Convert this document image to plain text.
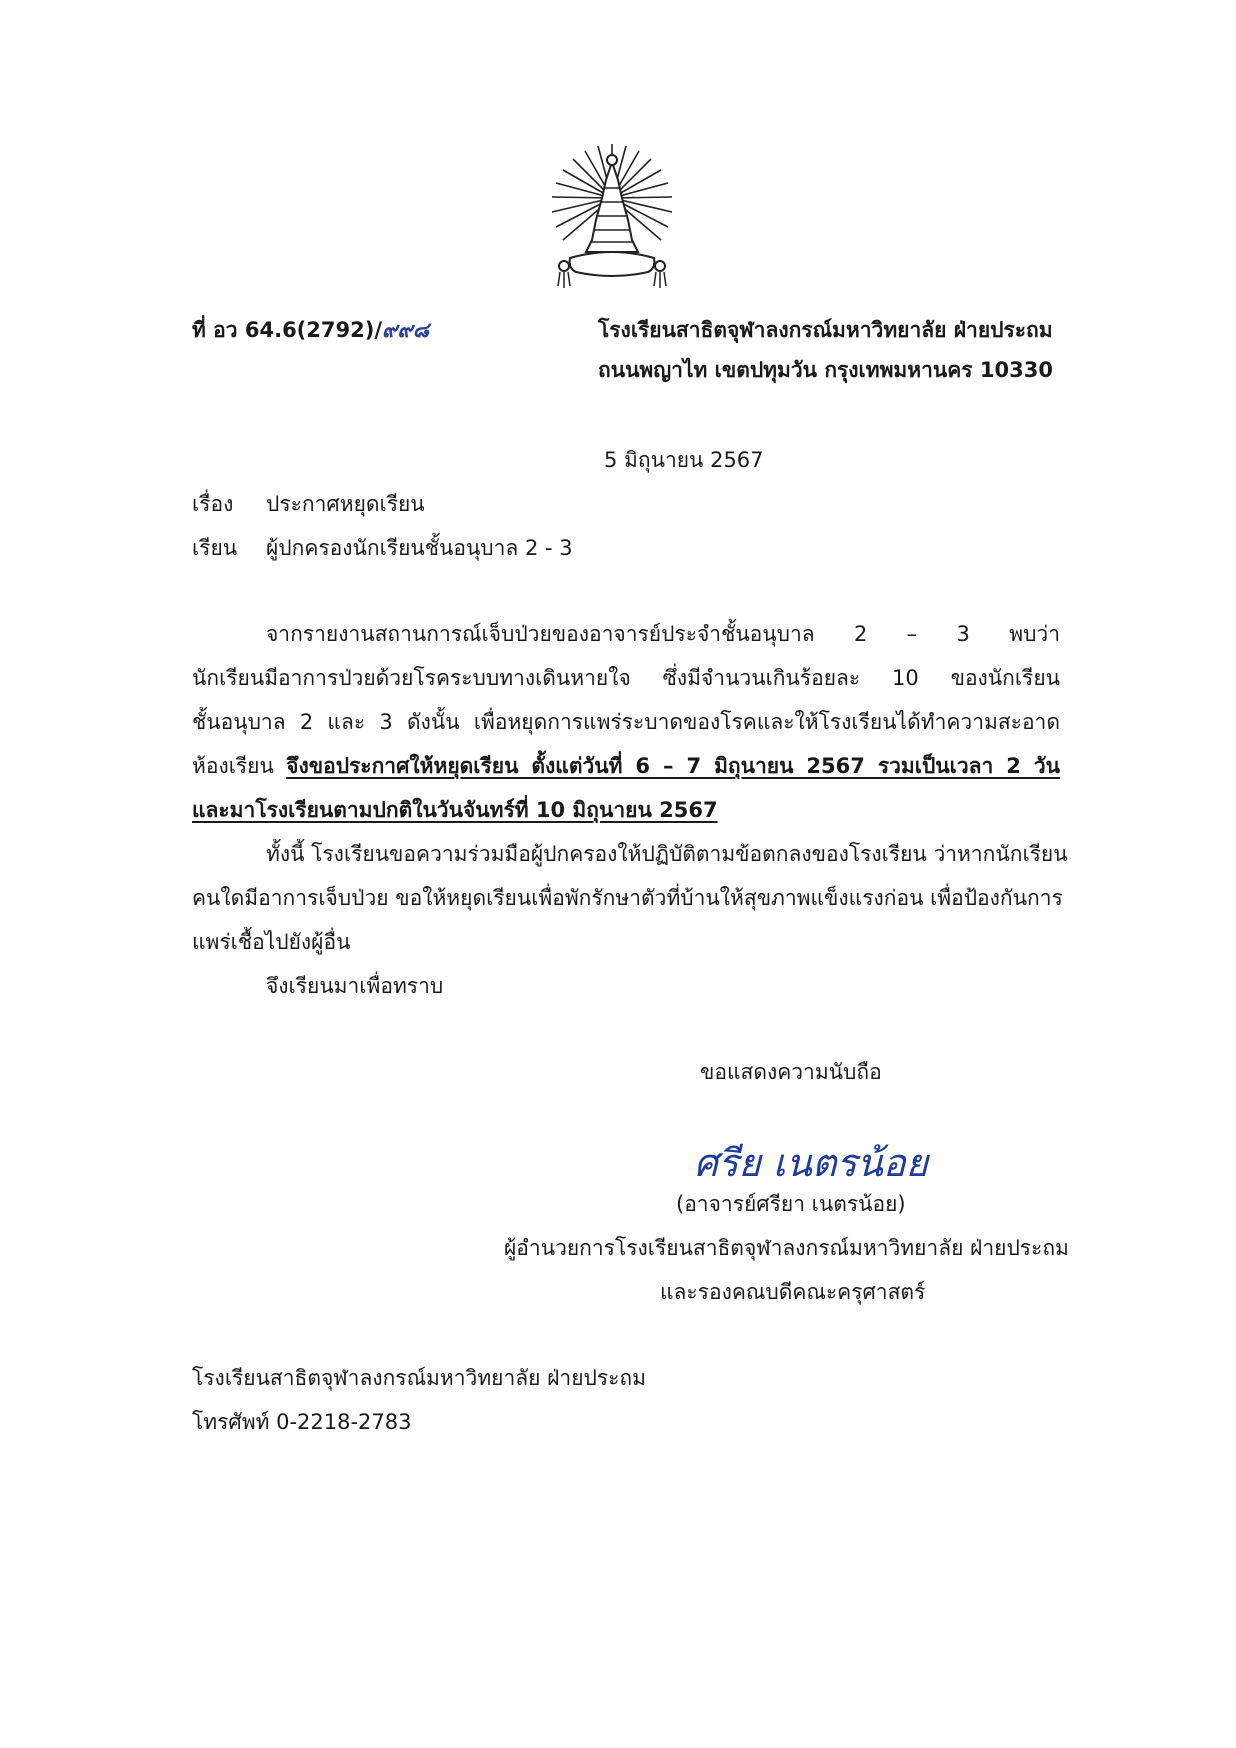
ที่ อว 64.6(2792)/๙๙๘	โรงเรียนสาธิตจุฬาลงกรณ์มหาวิทยาลัย ฝ่ายประถม
ถนนพญาไท เขตปทุมวัน กรุงเทพมหานคร 10330
5 มิถุนายน 2567
เรื่อง ประกาศหยุดเรียน
เรียน ผู้ปกครองนักเรียนชั้นอนุบาล 2 - 3
จากรายงานสถานการณ์เจ็บป่วยของอาจารย์ประจำชั้นอนุบาล 2 – 3 พบว่า
นักเรียนมีอาการป่วยด้วยโรคระบบทางเดินหายใจ ซึ่งมีจำนวนเกินร้อยละ 10 ของนักเรียน
ชั้นอนุบาล 2 และ 3 ดังนั้น เพื่อหยุดการแพร่ระบาดของโรคและให้โรงเรียนได้ทำความสะอาด
ห้องเรียน จึงขอประกาศให้หยุดเรียน ตั้งแต่วันที่ 6 – 7 มิถุนายน 2567 รวมเป็นเวลา 2 วัน
และมาโรงเรียนตามปกติในวันจันทร์ที่ 10 มิถุนายน 2567
ทั้งนี้ โรงเรียนขอความร่วมมือผู้ปกครองให้ปฏิบัติตามข้อตกลงของโรงเรียน ว่าหากนักเรียน
คนใดมีอาการเจ็บป่วย ขอให้หยุดเรียนเพื่อพักรักษาตัวที่บ้านให้สุขภาพแข็งแรงก่อน เพื่อป้องกันการ
แพร่เชื้อไปยังผู้อื่น
จึงเรียนมาเพื่อทราบ
ขอแสดงความนับถือ
ศรีย เนตรน้อย
(อาจารย์ศรียา เนตรน้อย)
ผู้อำนวยการโรงเรียนสาธิตจุฬาลงกรณ์มหาวิทยาลัย ฝ่ายประถม
และรองคณบดีคณะครุศาสตร์
โรงเรียนสาธิตจุฬาลงกรณ์มหาวิทยาลัย ฝ่ายประถม
โทรศัพท์ 0-2218-2783
